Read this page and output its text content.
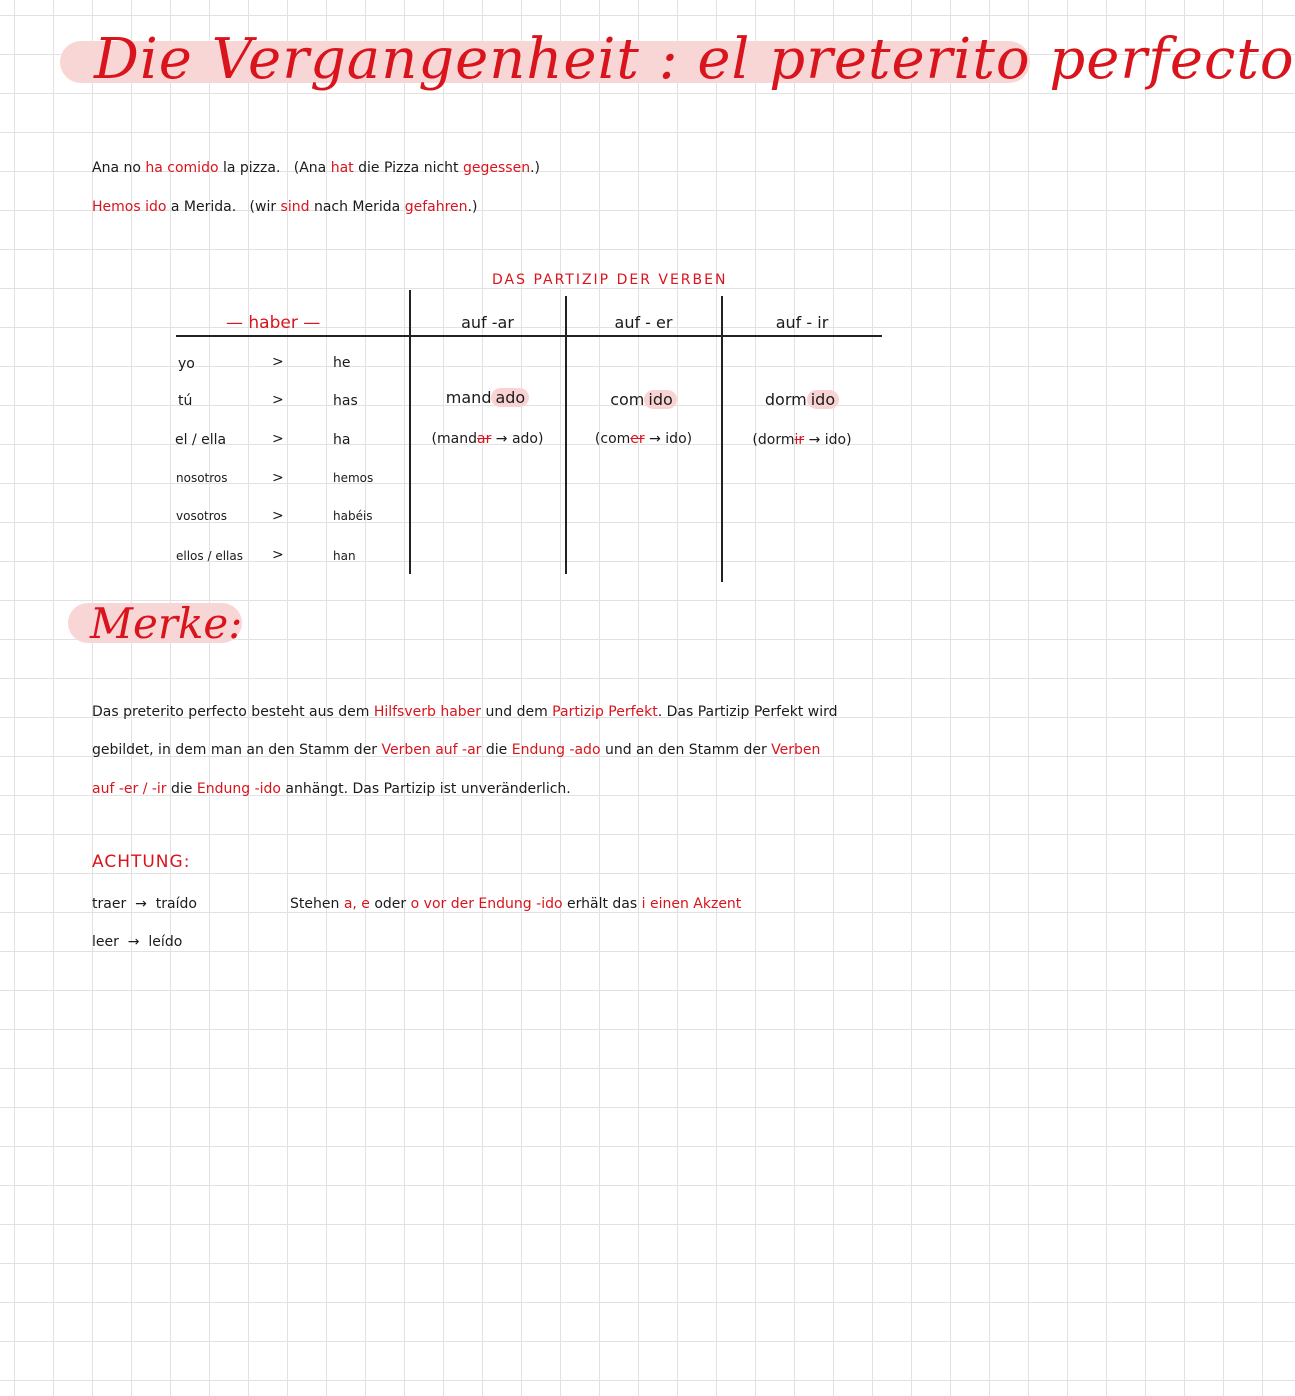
Die Vergangenheit : el preterito perfecto
Ana no ha comido la pizza. (Ana hat die Pizza nicht gegessen.)
Hemos ido a Merida. (wir sind nach Merida gefahren.)
DAS PARTIZIP DER VERBEN
— haber —	auf -ar	auf - er	auf - ir
yo	>	he
tú	>	has
el / ella	>	ha
nosotros	>	hemos
vosotros	>	habéis
ellos / ellas >	han
mand ado	com ido	dorm ido
(mandar → ado)	(comer → ido)	(dormir → ido)
Merke:
Das preterito perfecto besteht aus dem Hilfsverb haber und dem Partizip Perfekt. Das Partizip Perfekt wird
gebildet, in dem man an den Stamm der Verben auf -ar die Endung -ado und an den Stamm der Verben
auf -er / -ir die Endung -ido anhängt. Das Partizip ist unveränderlich.
ACHTUNG:
traer → traído
leer → leído
Stehen a, e oder o vor der Endung -ido erhält das i einen Akzent
